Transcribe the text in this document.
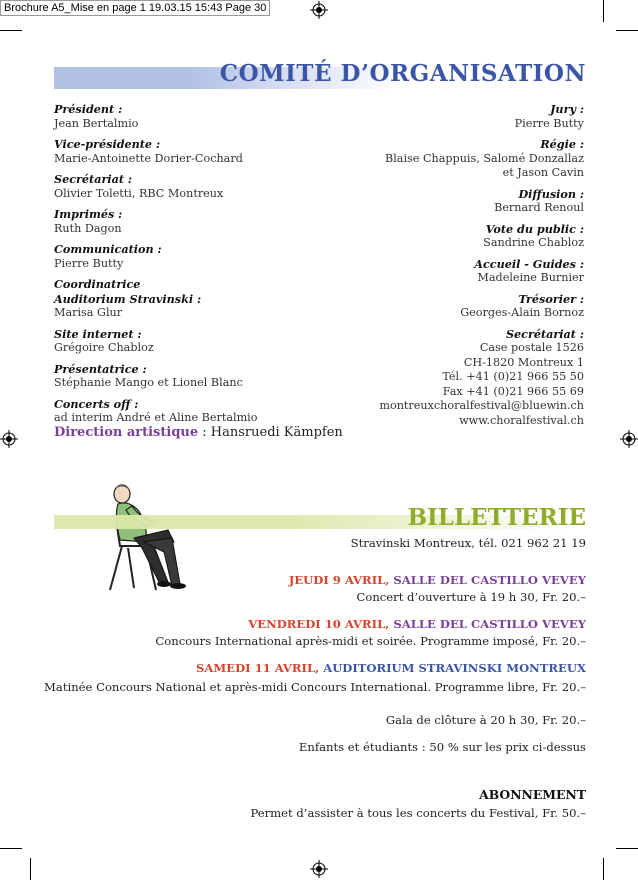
Brochure A5_Mise en page 1 19.03.15 15:43 Page 30
COMITÉ D’ORGANISATION
Président :
Jean Bertalmio
Vice-présidente :
Marie-Antoinette Dorier-Cochard
Secrétariat :
Olivier Toletti, RBC Montreux
Imprimés :
Ruth Dagon
Communication :
Pierre Butty
Coordinatrice
Auditorium Stravinski :
Marisa Glur
Site internet :
Grégoire Chabloz
Présentatrice :
Stéphanie Mango et Lionel Blanc
Concerts off :
ad interim André et Aline Bertalmio
Jury :
Pierre Butty
Régie :
Blaise Chappuis, Salomé Donzallaz
et Jason Cavin
Diffusion :
Bernard Renoul
Vote du public :
Sandrine Chabloz
Accueil - Guides :
Madeleine Burnier
Trésorier :
Georges-Alain Bornoz
Secrétariat :
Case postale 1526
CH-1820 Montreux 1
Tél. +41 (0)21 966 55 50
Fax +41 (0)21 966 55 69
montreuxchoralfestival@bluewin.ch
www.choralfestival.ch
Direction artistique : Hansruedi Kämpfen
BILLETTERIE
Stravinski Montreux, tél. 021 962 21 19
JEUDI 9 AVRIL, SALLE DEL CASTILLO VEVEY
Concert d’ouverture à 19 h 30, Fr. 20.–
VENDREDI 10 AVRIL, SALLE DEL CASTILLO VEVEY
Concours International après-midi et soirée. Programme imposé, Fr. 20.–
SAMEDI 11 AVRIL, AUDITORIUM STRAVINSKI MONTREUX
Matinée Concours National et après-midi Concours International. Programme libre, Fr. 20.–
Gala de clôture à 20 h 30, Fr. 20.–
Enfants et étudiants : 50 % sur les prix ci-dessus
ABONNEMENT
Permet d’assister à tous les concerts du Festival, Fr. 50.–
